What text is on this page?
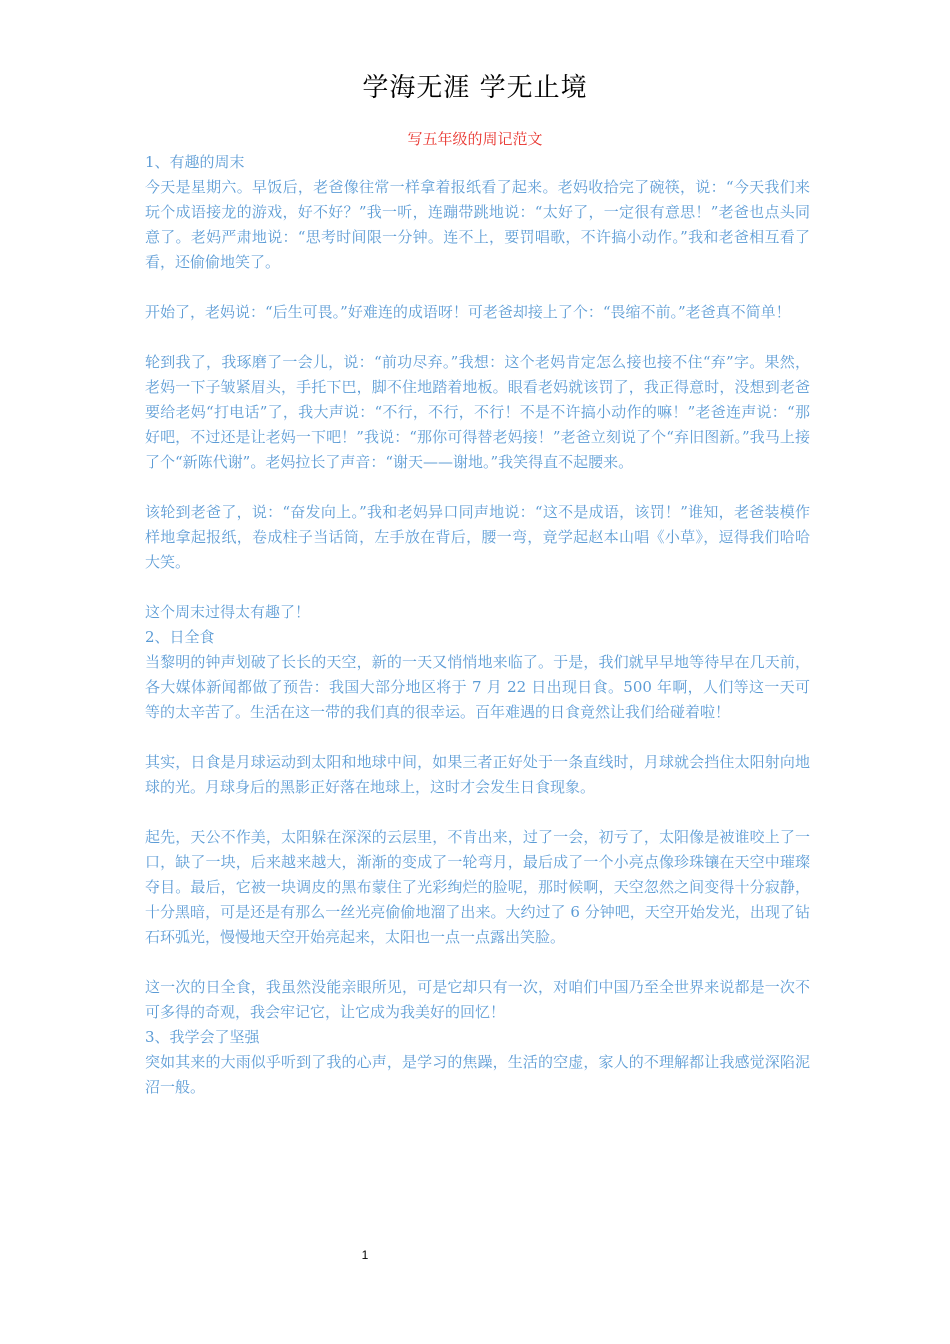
学海无涯 学无止境
写五年级的周记范文

1、有趣的周末

今天是星期六。早饭后，老爸像往常一样拿着报纸看了起来。老妈收拾完了碗筷，说：“今天我们来玩个成语接龙的游戏，好不好？”我一听，连蹦带跳地说：“太好了，一定很有意思！”老爸也点头同意了。老妈严肃地说：“思考时间限一分钟。连不上，要罚唱歌，不许搞小动作。”我和老爸相互看了看，还偷偷地笑了。

开始了，老妈说：“后生可畏。”好难连的成语呀！可老爸却接上了个：“畏缩不前。”老爸真不简单！

轮到我了，我琢磨了一会儿，说：“前功尽弃。”我想：这个老妈肯定怎么接也接不住“弃”字。果然，老妈一下子皱紧眉头，手托下巴，脚不住地踏着地板。眼看老妈就该罚了，我正得意时，没想到老爸要给老妈“打电话”了，我大声说：“不行，不行，不行！不是不许搞小动作的嘛！”老爸连声说：“那好吧，不过还是让老妈一下吧！”我说：“那你可得替老妈接！”老爸立刻说了个“弃旧图新。”我马上接了个“新陈代谢”。老妈拉长了声音：“谢天——谢地。”我笑得直不起腰来。

该轮到老爸了，说：“奋发向上。”我和老妈异口同声地说：“这不是成语，该罚！”谁知，老爸装模作样地拿起报纸，卷成柱子当话筒，左手放在背后，腰一弯，竟学起赵本山唱《小草》，逗得我们哈哈大笑。

这个周末过得太有趣了！

2、日全食

当黎明的钟声划破了长长的天空，新的一天又悄悄地来临了。于是，我们就早早地等待早在几天前，各大媒体新闻都做了预告：我国大部分地区将于 7 月 22 日出现日食。500 年啊，人们等这一天可等的太辛苦了。生活在这一带的我们真的很幸运。百年难遇的日食竟然让我们给碰着啦！

其实，日食是月球运动到太阳和地球中间，如果三者正好处于一条直线时，月球就会挡住太阳射向地球的光。月球身后的黑影正好落在地球上，这时才会发生日食现象。

起先，天公不作美，太阳躲在深深的云层里，不肯出来，过了一会，初亏了，太阳像是被谁咬上了一口，缺了一块，后来越来越大，渐渐的变成了一轮弯月，最后成了一个小亮点像珍珠镶在天空中璀璨夺目。最后，它被一块调皮的黑布蒙住了光彩绚烂的脸呢，那时候啊，天空忽然之间变得十分寂静，十分黑暗，可是还是有那么一丝光亮偷偷地溜了出来。大约过了 6 分钟吧，天空开始发光，出现了钻石环弧光，慢慢地天空开始亮起来，太阳也一点一点露出笑脸。

这一次的日全食，我虽然没能亲眼所见，可是它却只有一次，对咱们中国乃至全世界来说都是一次不可多得的奇观，我会牢记它，让它成为我美好的回忆！

3、我学会了坚强

突如其来的大雨似乎听到了我的心声，是学习的焦躁，生活的空虚，家人的不理解都让我感觉深陷泥沼一般。

1
